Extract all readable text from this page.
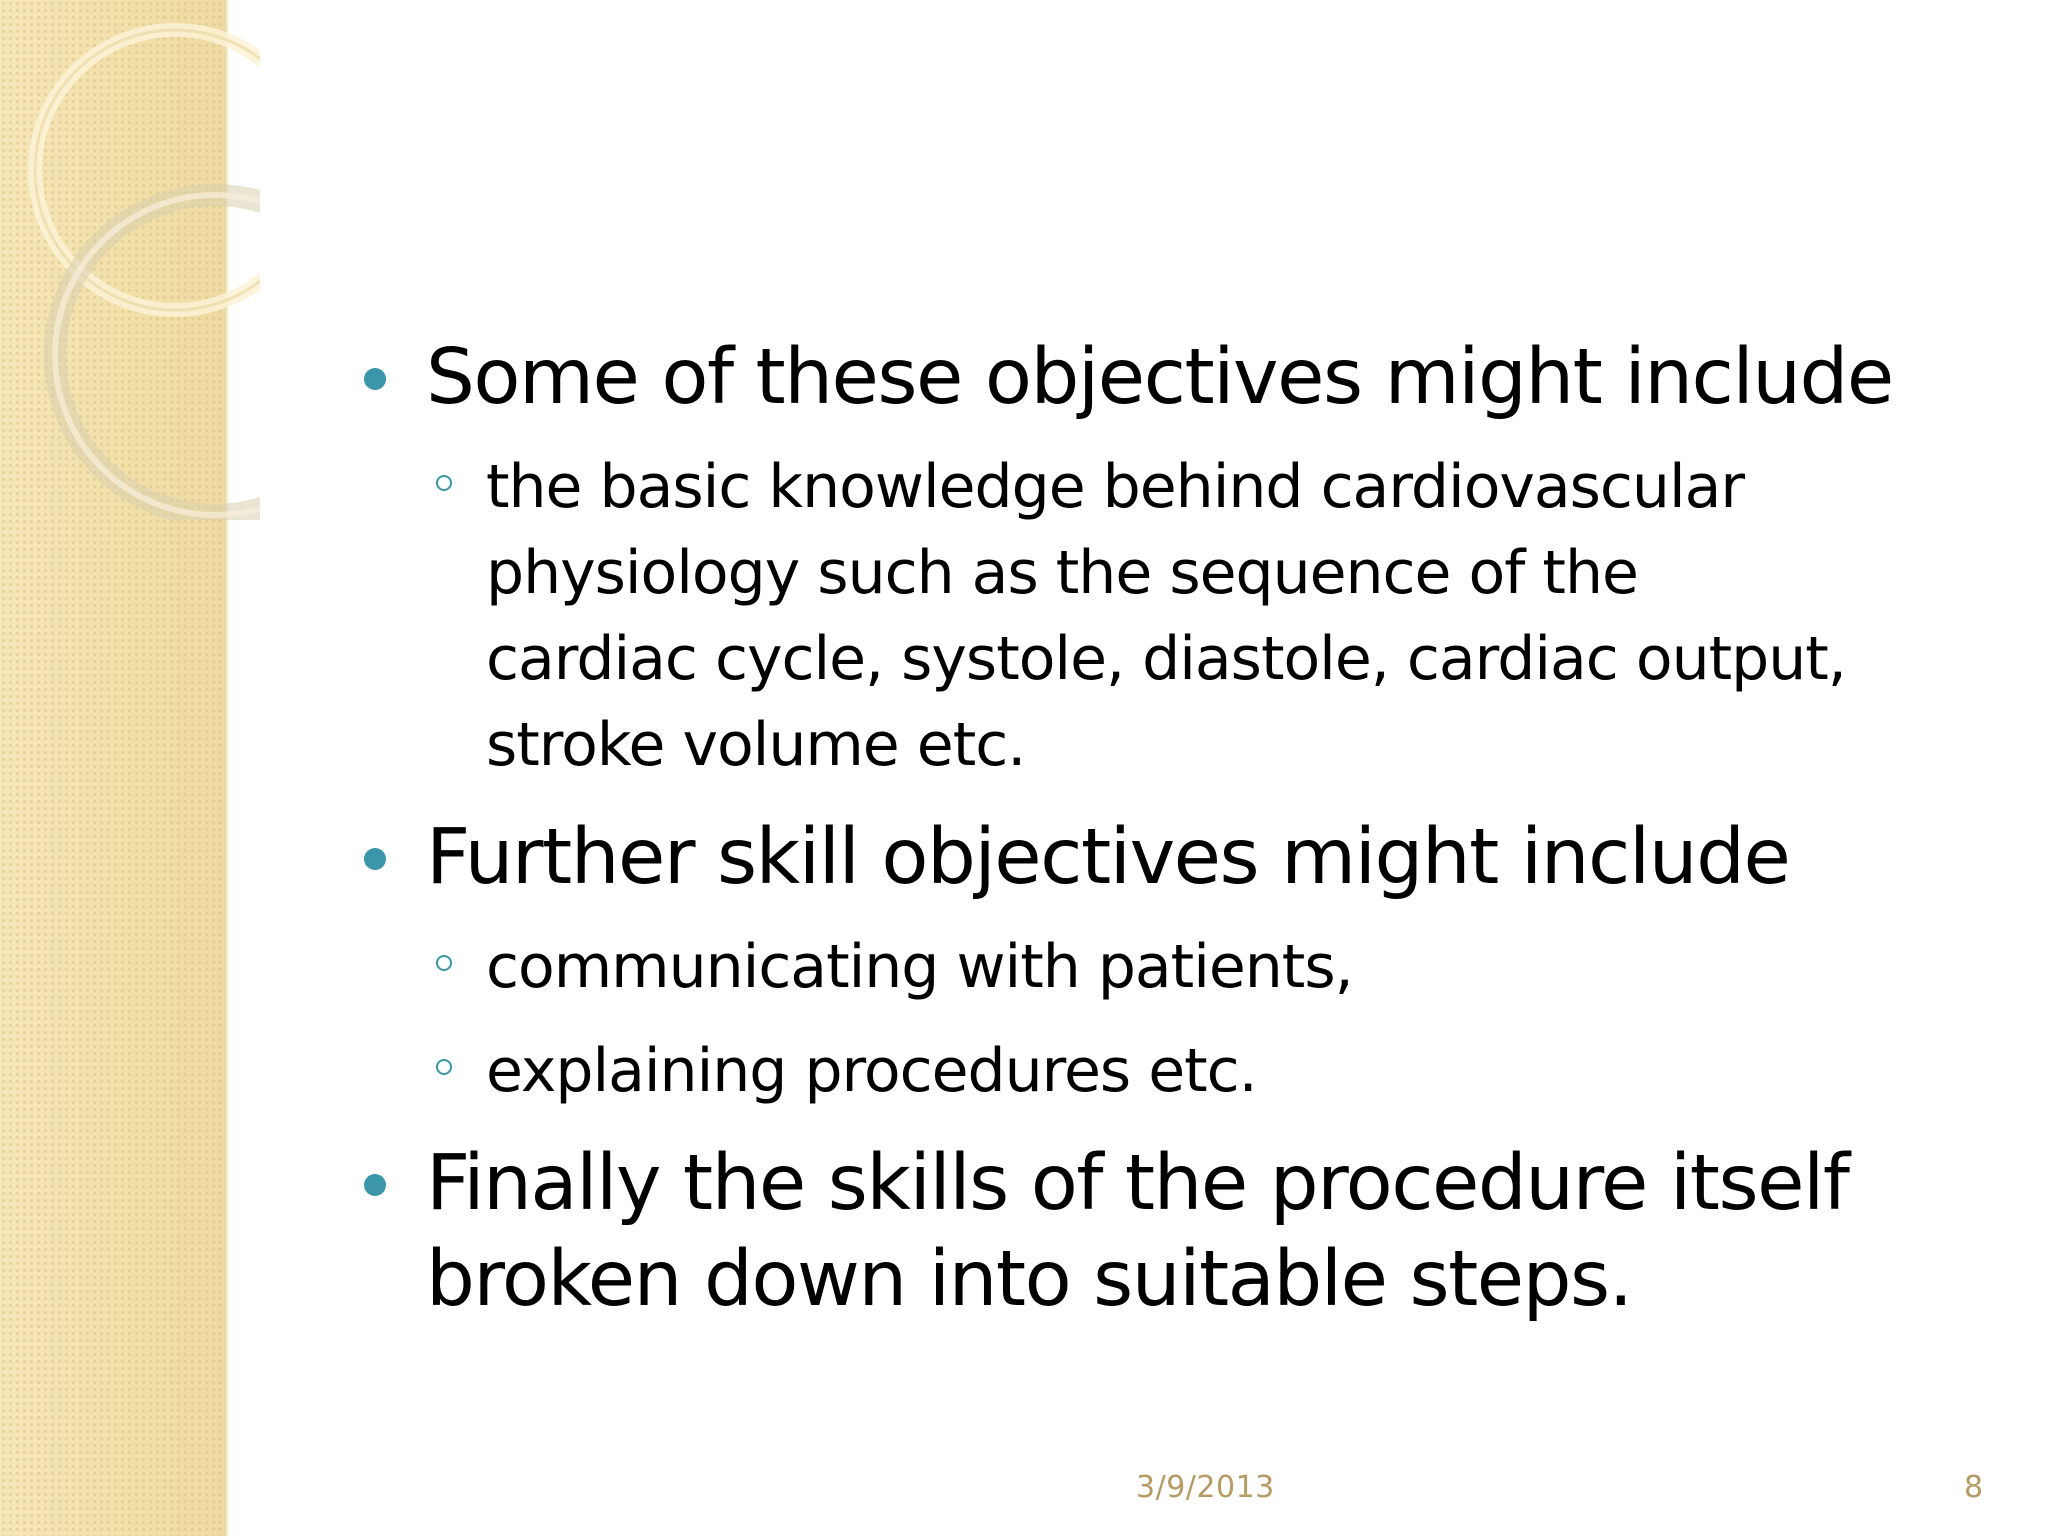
Some of these objectives might include
the basic knowledge behind cardiovascular
physiology such as the sequence of the
cardiac cycle, systole, diastole, cardiac output,
stroke volume etc.
Further skill objectives might include
communicating with patients,
explaining procedures etc.
Finally the skills of the procedure itself
broken down into suitable steps.
3/9/2013	8
